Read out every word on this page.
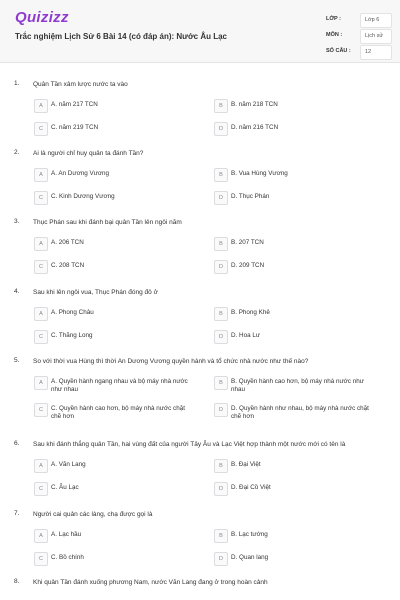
Quizizz
Trắc nghiệm Lịch Sử 6 Bài 14 (có đáp án): Nước Âu Lạc
LỚP :	Lớp 6
MÔN :	Lịch sử
SỐ CÂU :	12
1. Quân Tần xâm lược nước ta vào
A	A. năm 217 TCN	B	B. năm 218 TCN
C	C. năm 219 TCN	D	D. năm 216 TCN
2. Ai là người chỉ huy quân ta đánh Tần?
A	A. An Dương Vương	B	B. Vua Hùng Vương
C	C. Kinh Dương Vương	D	D. Thục Phán
3. Thục Phán sau khi đánh bại quân Tần lên ngôi năm
A	A. 206 TCN	B	B. 207 TCN
C	C. 208 TCN	D	D. 209 TCN
4. Sau khi lên ngôi vua, Thục Phán đóng đô ở
A	A. Phong Châu	B	B. Phong Khê
C	C. Thăng Long	D	D. Hoa Lư
5. So với thời vua Hùng thì thời An Dương Vương quyền hành và tổ chức nhà nước như thế nào?
A	A. Quyền hành ngang nhau và bộ máy nhà nước như nhau
B	B. Quyền hành cao hơn, bộ máy nhà nước như nhau
C	C. Quyền hành cao hơn, bộ máy nhà nước chặt chẽ hơn
D	D. Quyền hành như nhau, bộ máy nhà nước chặt chẽ hơn
6. Sau khi đánh thắng quân Tần, hai vùng đất của người Tây Âu và Lạc Việt hợp thành một nước mới có tên là
A	A. Văn Lang	B	B. Đại Việt
C	C. Âu Lạc	D	D. Đại Cồ Việt
7. Người cai quản các làng, chạ được gọi là
A	A. Lạc hầu	B	B. Lạc tướng
C	C. Bồ chính	D	D. Quan lang
8. Khi quân Tần đánh xuống phương Nam, nước Văn Lang đang ở trong hoàn cảnh
